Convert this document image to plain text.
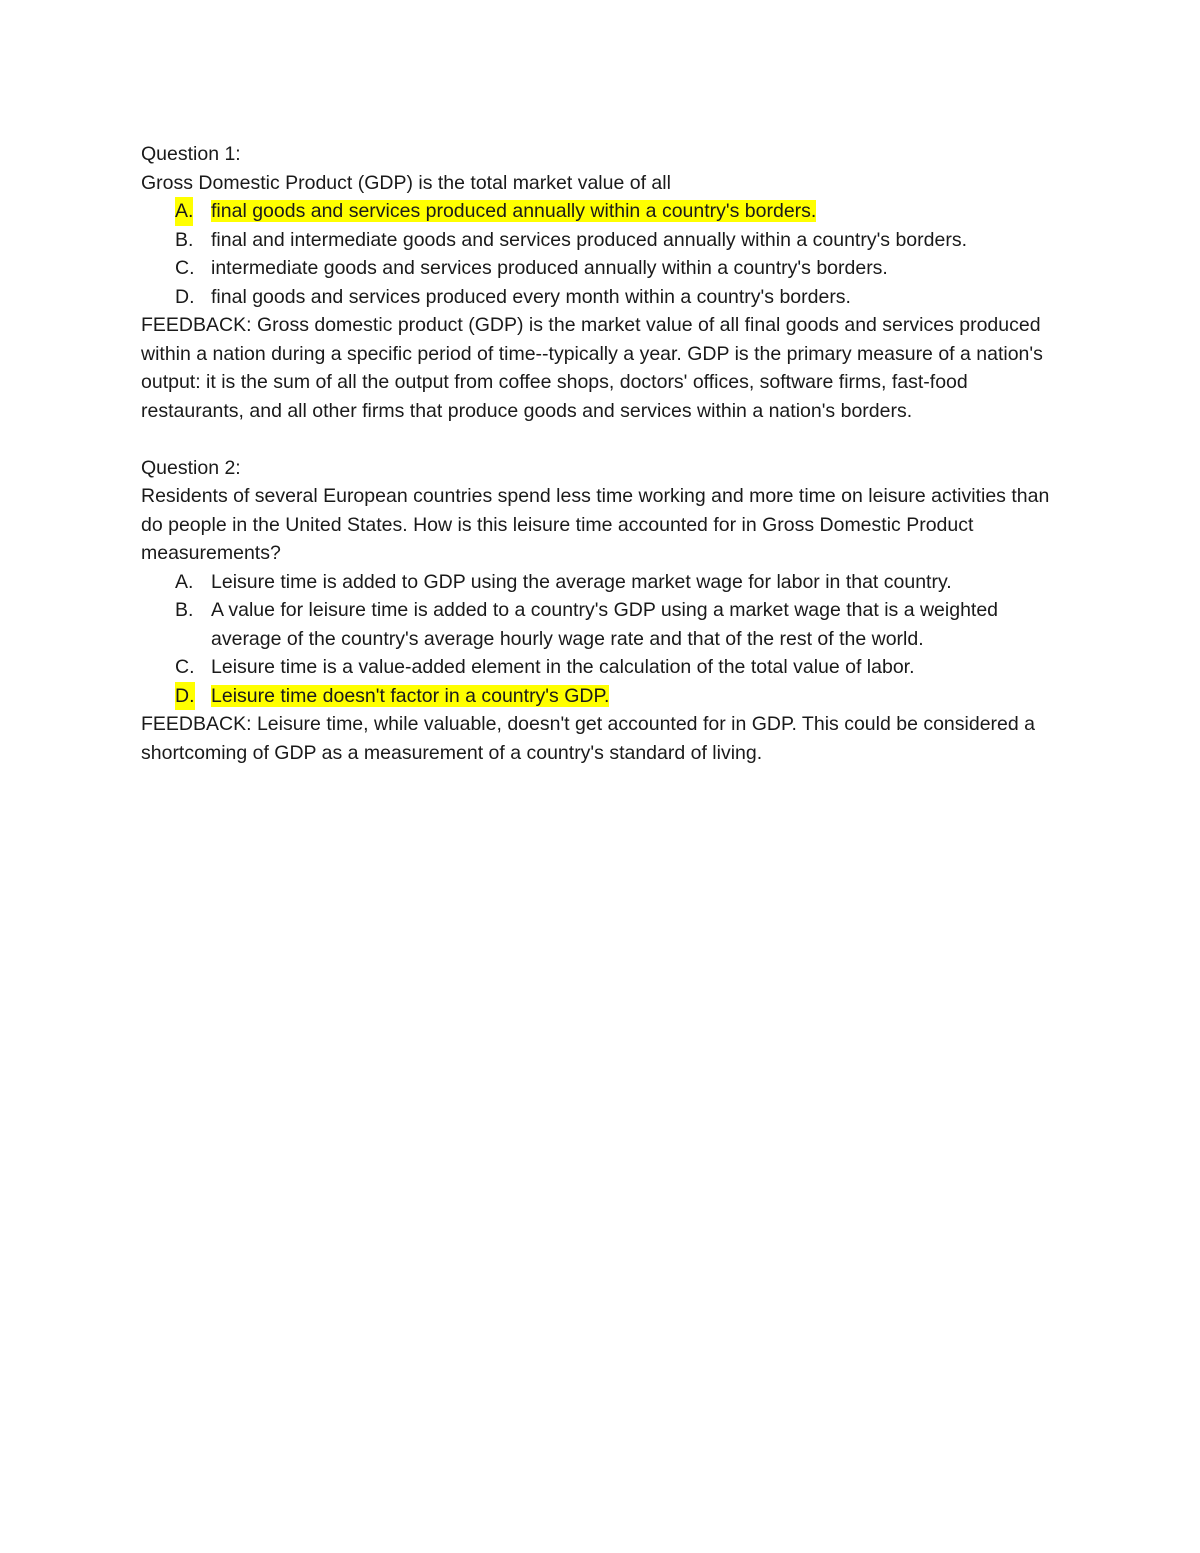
Question 1:

Gross Domestic Product (GDP) is the total market value of all

A. final goods and services produced annually within a country's borders.
B. final and intermediate goods and services produced annually within a country's borders.
C. intermediate goods and services produced annually within a country's borders.
D. final goods and services produced every month within a country's borders.

FEEDBACK: Gross domestic product (GDP) is the market value of all final goods and services produced within a nation during a specific period of time--typically a year. GDP is the primary measure of a nation's output: it is the sum of all the output from coffee shops, doctors' offices, software firms, fast-food restaurants, and all other firms that produce goods and services within a nation's borders.

Question 2:

Residents of several European countries spend less time working and more time on leisure activities than do people in the United States. How is this leisure time accounted for in Gross Domestic Product measurements?

A. Leisure time is added to GDP using the average market wage for labor in that country.
B. A value for leisure time is added to a country's GDP using a market wage that is a weighted average of the country's average hourly wage rate and that of the rest of the world.
C. Leisure time is a value-added element in the calculation of the total value of labor.
D. Leisure time doesn't factor in a country's GDP.

FEEDBACK: Leisure time, while valuable, doesn't get accounted for in GDP. This could be considered a shortcoming of GDP as a measurement of a country's standard of living.
